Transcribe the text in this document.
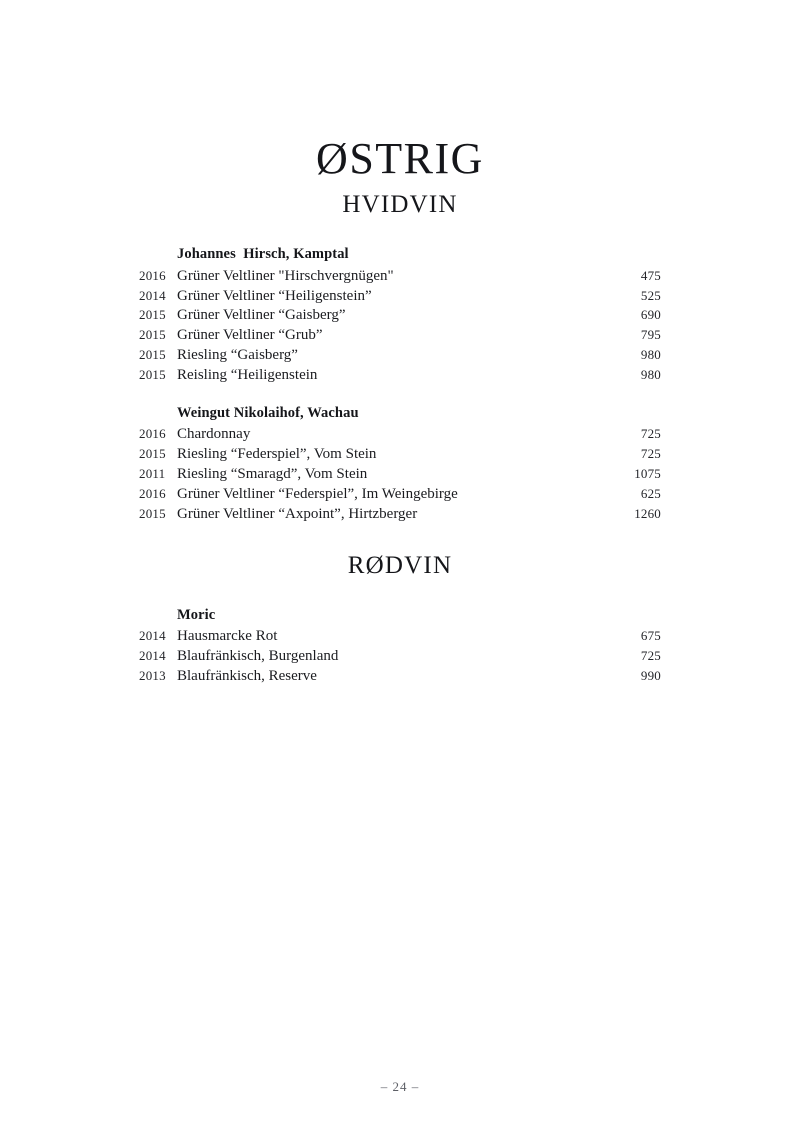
ØSTRIG
HVIDVIN
Johannes  Hirsch, Kamptal
2016 Grüner Veltliner "Hirschvergnügen"	475
2014 Grüner Veltliner “Heiligenstein”	525
2015 Grüner Veltliner “Gaisberg”	690
2015 Grüner Veltliner “Grub”	795
2015 Riesling “Gaisberg”	980
2015 Reisling “Heiligenstein	980
Weingut Nikolaihof, Wachau
2016 Chardonnay	725
2015 Riesling “Federspiel”, Vom Stein	725
2011 Riesling “Smaragd”, Vom Stein	1075
2016 Grüner Veltliner “Federspiel”, Im Weingebirge	625
2015 Grüner Veltliner “Axpoint”, Hirtzberger	1260
RØDVIN
Moric
2014 Hausmarcke Rot	675
2014 Blaufränkisch, Burgenland	725
2013 Blaufränkisch, Reserve	990
– 24 –
